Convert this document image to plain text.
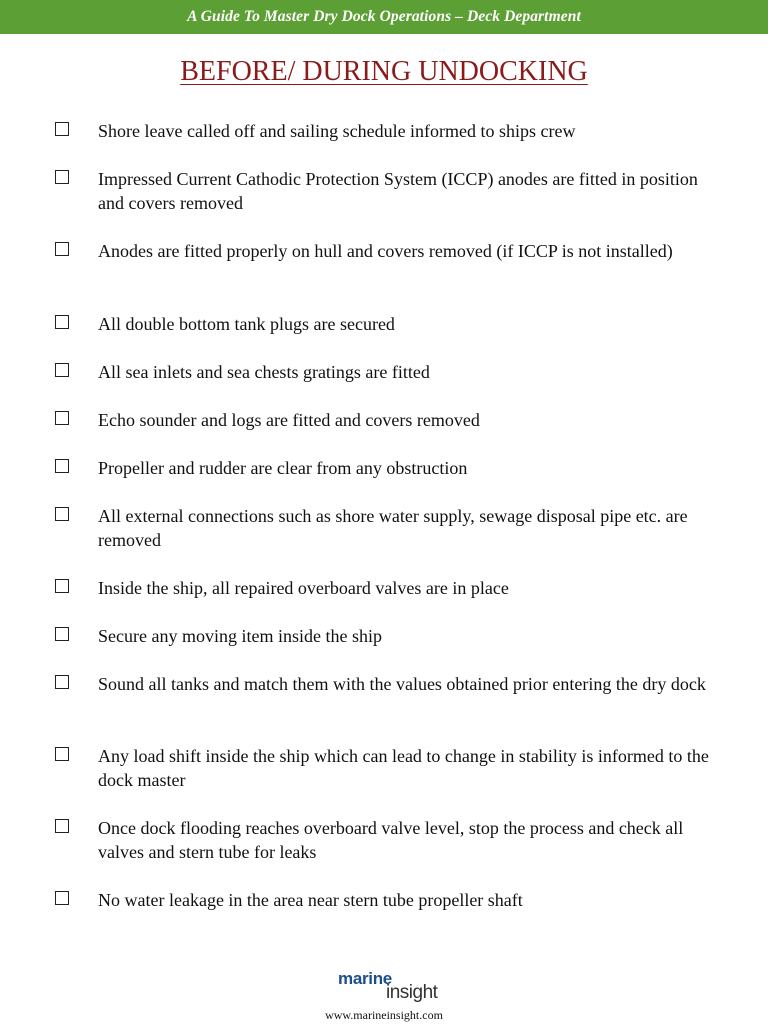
A Guide To Master Dry Dock Operations – Deck Department
BEFORE/ DURING UNDOCKING
Shore leave called off and sailing schedule informed to ships crew
Impressed Current Cathodic Protection System (ICCP) anodes are fitted in position and covers removed
Anodes are fitted properly on hull and covers removed (if ICCP is not installed)
All double bottom tank plugs are secured
All sea inlets and sea chests gratings are fitted
Echo sounder and logs are fitted and covers removed
Propeller and rudder are clear from any obstruction
All external connections such as shore water supply, sewage disposal pipe etc. are removed
Inside the ship, all repaired overboard valves are in place
Secure any moving item inside the ship
Sound all tanks and match them with the values obtained prior entering the dry dock
Any load shift inside the ship which can lead to change in stability is informed to the dock master
Once dock flooding reaches overboard valve level, stop the process and check all valves and stern tube for leaks
No water leakage in the area near stern tube propeller shaft
marine
insight
www.marineinsight.com
